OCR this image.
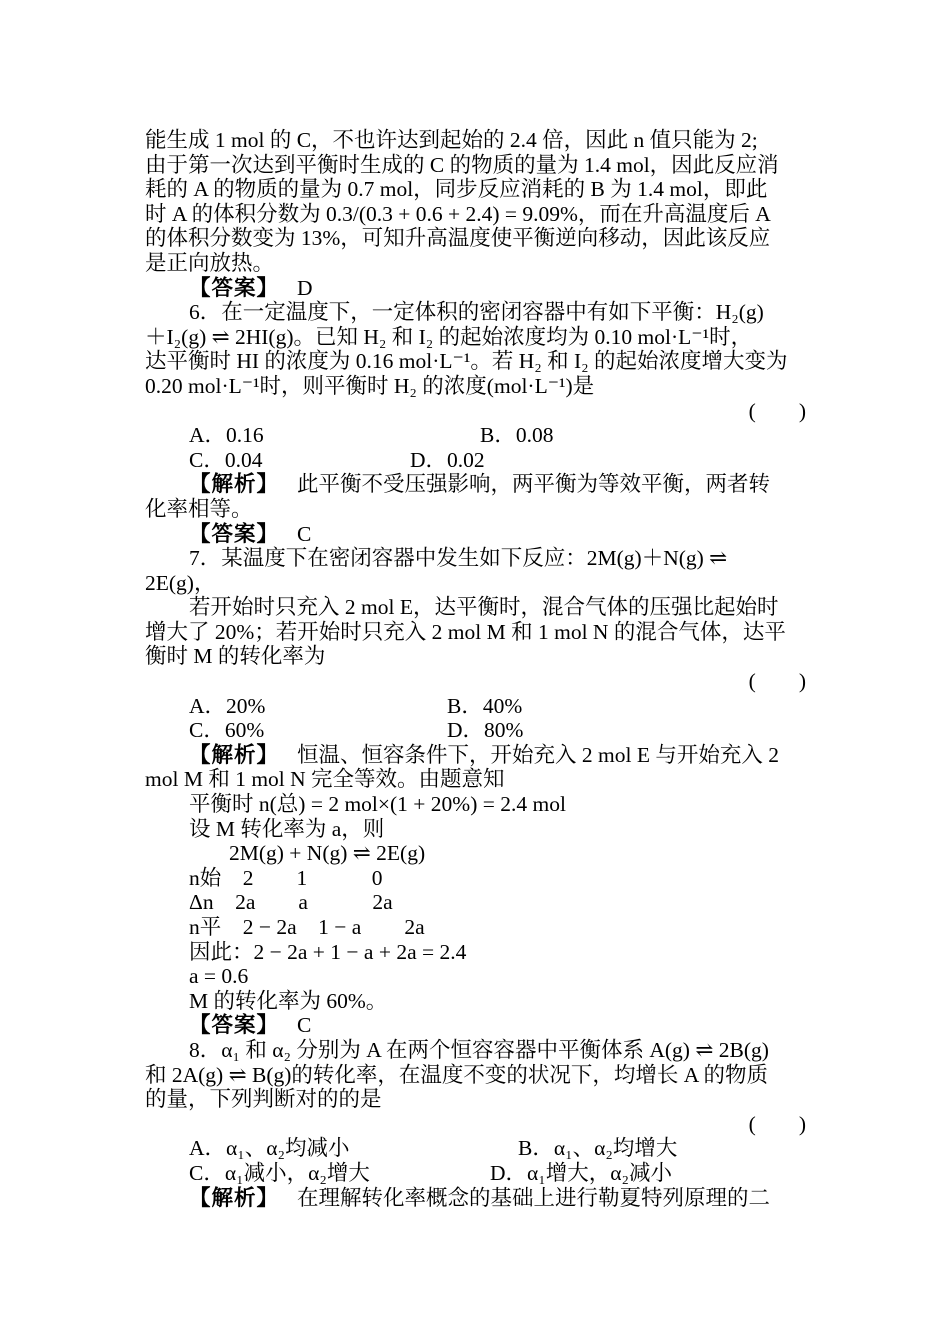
能生成 1 mol 的 C，不也许达到起始的 2.4 倍，因此 n 值只能为 2;
由于第一次达到平衡时生成的 C 的物质的量为 1.4 mol，因此反应消
耗的 A 的物质的量为 0.7 mol，同步反应消耗的 B 为 1.4 mol，即此
时 A 的体积分数为 0.3/(0.3 + 0.6 + 2.4) = 9.09%，而在升高温度后 A
的体积分数变为 13%，可知升高温度使平衡逆向移动，因此该反应
是正向放热。
【答案】 D
6．在一定温度下，一定体积的密闭容器中有如下平衡：H₂(g)
＋I₂(g) ⇌ 2HI(g)。已知 H₂ 和 I₂ 的起始浓度均为 0.10 mol·L⁻¹时，
达平衡时 HI 的浓度为 0.16 mol·L⁻¹。若 H₂ 和 I₂ 的起始浓度增大变为
0.20 mol·L⁻¹时，则平衡时 H₂ 的浓度(mol·L⁻¹)是
(　　)
A．0.16	B．0.08
C．0.04	D．0.02
【解析】 此平衡不受压强影响，两平衡为等效平衡，两者转
化率相等。
【答案】 C
7．某温度下在密闭容器中发生如下反应：2M(g)＋N(g) ⇌
2E(g)，
若开始时只充入 2 mol E，达平衡时，混合气体的压强比起始时
增大了 20%；若开始时只充入 2 mol M 和 1 mol N 的混合气体，达平
衡时 M 的转化率为
(　　)
A．20%	B．40%
C．60%	D．80%
【解析】 恒温、恒容条件下，开始充入 2 mol E 与开始充入 2
mol M 和 1 mol N 完全等效。由题意知
平衡时 n(总) = 2 mol×(1 + 20%) = 2.4 mol
设 M 转化率为 a，则
2M(g) + N(g) ⇌ 2E(g)
n始　2　　1　　　0
Δn　2a　　a　　　2a
n平　2 − 2a　1 − a　　2a
因此：2 − 2a + 1 − a + 2a = 2.4
a = 0.6
M 的转化率为 60%。
【答案】 C
8．α₁ 和 α₂ 分别为 A 在两个恒容容器中平衡体系 A(g) ⇌ 2B(g)
和 2A(g) ⇌ B(g)的转化率，在温度不变的状况下，均增长 A 的物质
的量，下列判断对的的是
(　　)
A．α₁、α₂均减小	B．α₁、α₂均增大
C．α₁减小，α₂增大	D．α₁增大，α₂减小
【解析】 在理解转化率概念的基础上进行勒夏特列原理的二
